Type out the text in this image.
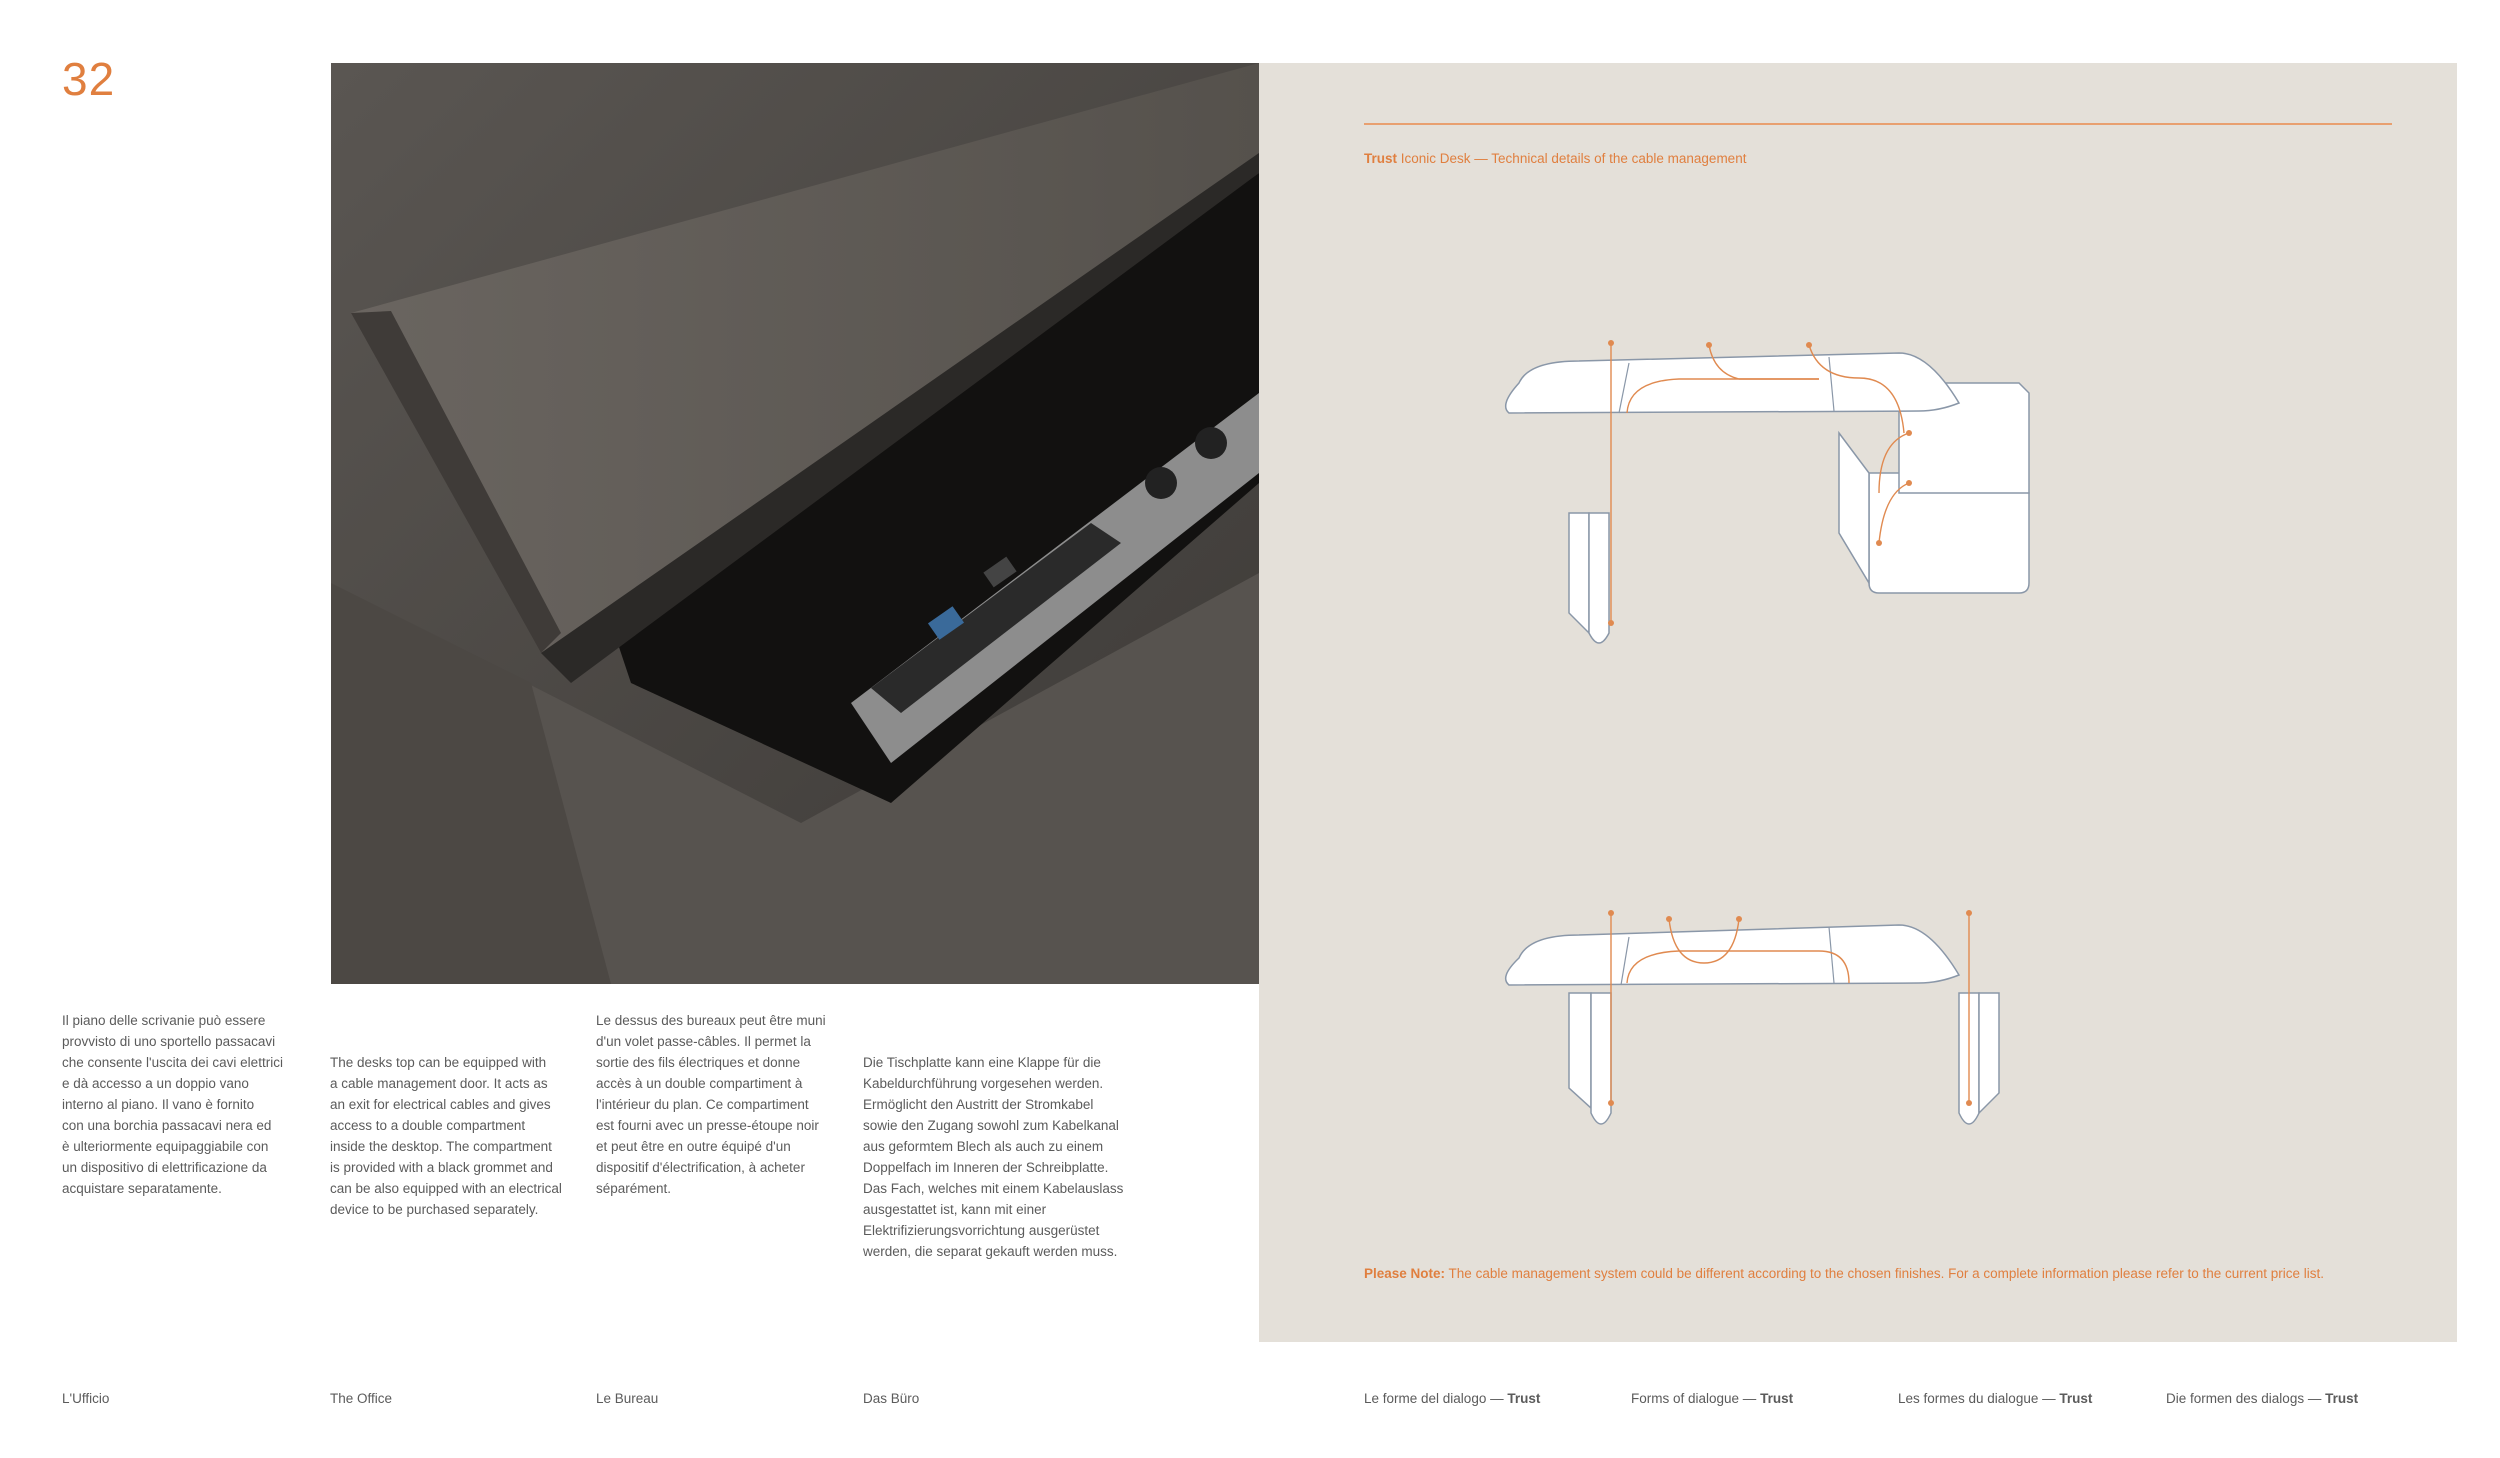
32

Il piano delle scrivanie può essere

provvisto di uno sportello passacavi

che consente l'uscita dei cavi elettrici

e dà accesso a un doppio vano

interno al piano. Il vano è fornito

con una borchia passacavi nera ed

è ulteriormente equipaggiabile con

un dispositivo di elettrificazione da

acquistare separatamente.

The desks top can be equipped with

a cable management door. It acts as

an exit for electrical cables and gives

access to a double compartment

inside the desktop. The compartment

is provided with a black grommet and

can be also equipped with an electrical

device to be purchased separately.

Le dessus des bureaux peut être muni

d'un volet passe-câbles. Il permet la

sortie des fils électriques et donne

accès à un double compartiment à

l'intérieur du plan. Ce compartiment

est fourni avec un presse-étoupe noir

et peut être en outre équipé d'un

dispositif d'électrification, à acheter

séparément.

Die Tischplatte kann eine Klappe für die

Kabeldurchführung vorgesehen werden.

Ermöglicht den Austritt der Stromkabel

sowie den Zugang sowohl zum Kabelkanal

aus geformtem Blech als auch zu einem

Doppelfach im Inneren der Schreibplatte.

Das Fach, welches mit einem Kabelauslass

ausgestattet ist, kann mit einer

Elektrifizierungsvorrichtung ausgerüstet

werden, die separat gekauft werden muss.

Trust Iconic Desk — Technical details of the cable management
Please Note: The cable management system could be different according to the chosen finishes. For a complete information please refer to the current price list.
L'Ufficio	The Office	Le Bureau	Das Büro	Le forme del dialogo — Trust	Forms of dialogue — Trust	Les formes du dialogue — Trust	Die formen des dialogs — Trust
